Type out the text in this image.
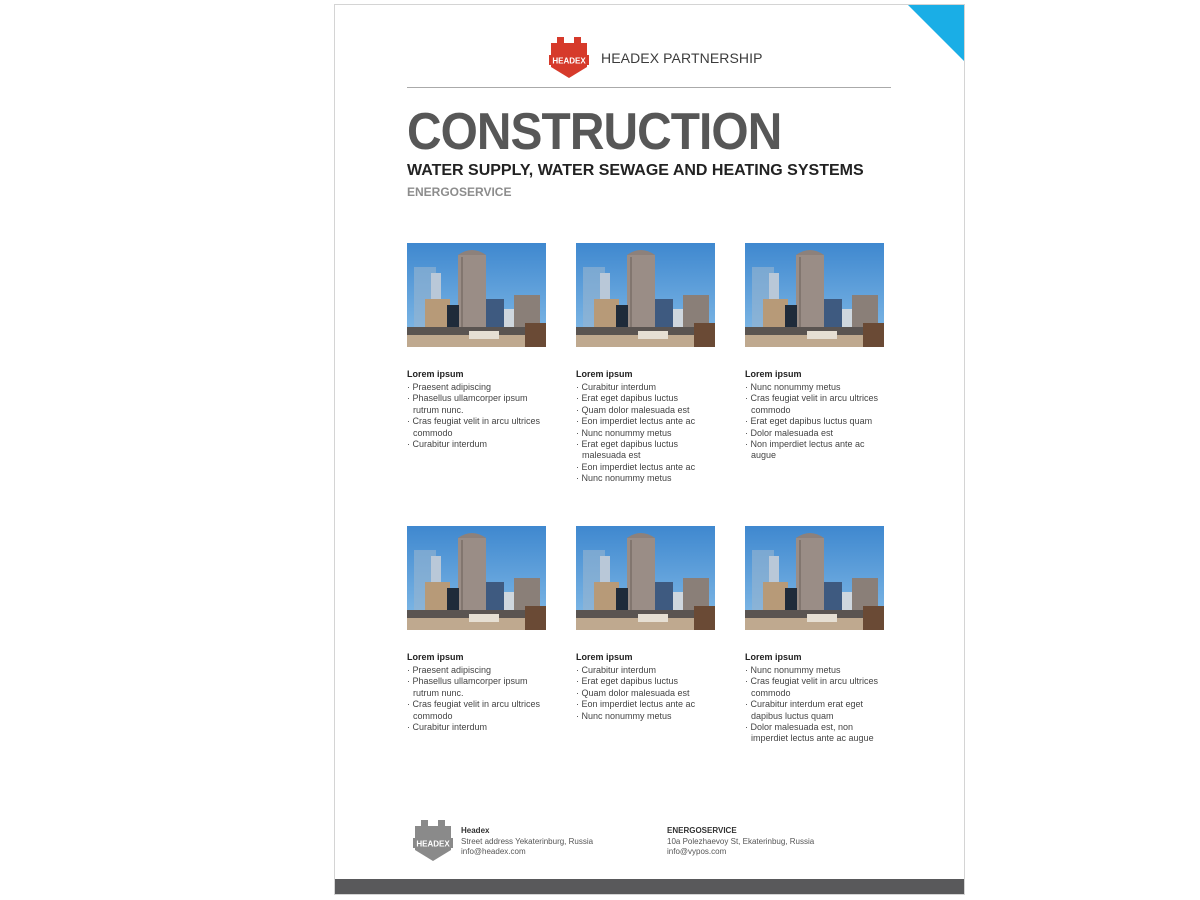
HEADEX HEADEX PARTNERSHIP
CONSTRUCTION
WATER SUPPLY, WATER SEWAGE AND HEATING SYSTEMS
ENERGOSERVICE
Lorem ipsum
· Praesent adipiscing
· Phasellus ullamcorper ipsum rutrum nunc.
· Cras feugiat velit in arcu ultrices commodo
· Curabitur interdum
Lorem ipsum
· Curabitur interdum
· Erat eget dapibus luctus
· Quam dolor malesuada est
· Eon imperdiet lectus ante ac
· Nunc nonummy metus
· Erat eget dapibus luctus malesuada est
· Eon imperdiet lectus ante ac
· Nunc nonummy metus
Lorem ipsum
· Nunc nonummy metus
· Cras feugiat velit in arcu ultrices commodo
· Erat eget dapibus luctus quam
· Dolor malesuada est
· Non imperdiet lectus ante ac augue
Lorem ipsum
· Praesent adipiscing
· Phasellus ullamcorper ipsum rutrum nunc.
· Cras feugiat velit in arcu ultrices commodo
· Curabitur interdum
Lorem ipsum
· Curabitur interdum
· Erat eget dapibus luctus
· Quam dolor malesuada est
· Eon imperdiet lectus ante ac
· Nunc nonummy metus
Lorem ipsum
· Nunc nonummy metus
· Cras feugiat velit in arcu ultrices commodo
· Curabitur interdum erat eget dapibus luctus quam
· Dolor malesuada est, non imperdiet lectus ante ac augue
HEADEX
Headex
Street address Yekaterinburg, Russia
info@headex.com
ENERGOSERVICE
10a Polezhaevoy St, Ekaterinbug, Russia
info@vypos.com
